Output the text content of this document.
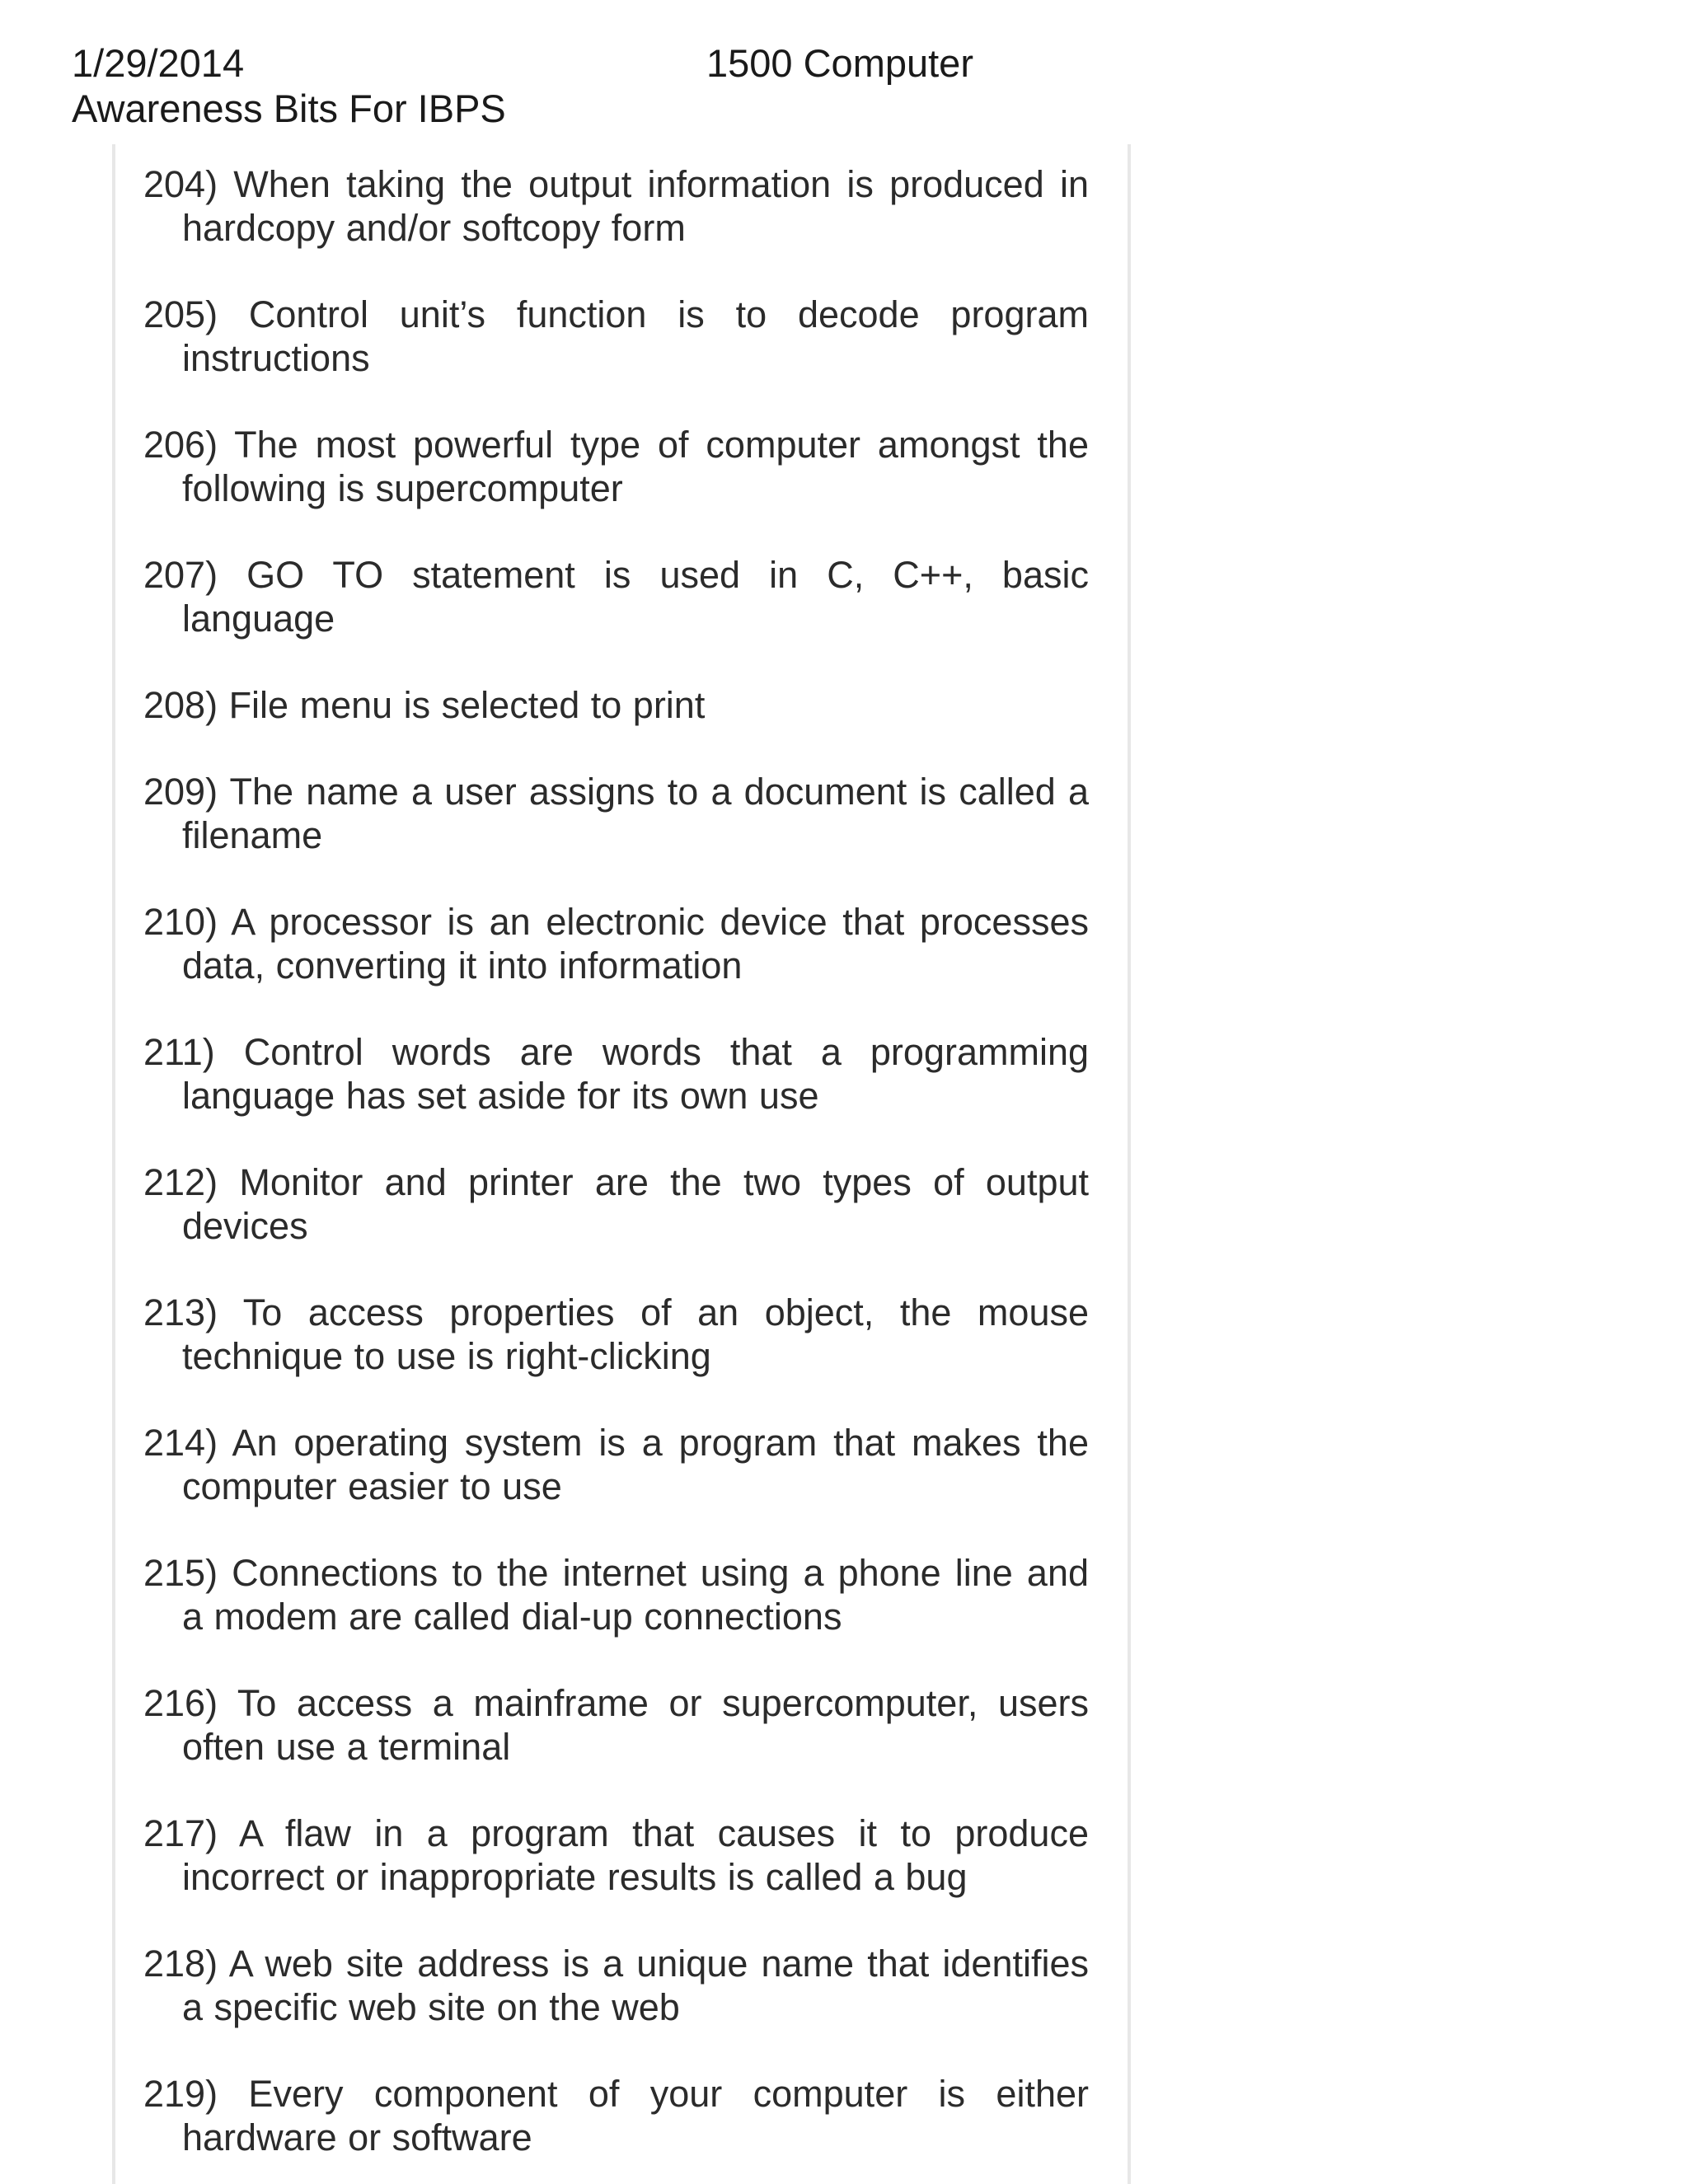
1/29/2014	1500 Computer
Awareness Bits For IBPS
204) When taking the output information is produced in hardcopy and/or softcopy form
205) Control unit’s function is to decode program instructions
206) The most powerful type of computer amongst the following is supercomputer
207) GO TO statement is used in C, C++, basic language
208) File menu is selected to print
209) The name a user assigns to a document is called a filename
210) A processor is an electronic device that processes data, converting it into information
211) Control words are words that a programming language has set aside for its own use
212) Monitor and printer are the two types of output devices
213) To access properties of an object, the mouse technique to use is right-clicking
214) An operating system is a program that makes the computer easier to use
215) Connections to the internet using a phone line and a modem are called dial-up connections
216) To access a mainframe or supercomputer, users often use a terminal
217) A flaw in a program that causes it to produce incorrect or inappropriate results is called a bug
218) A web site address is a unique name that identifies a specific web site on the web
219) Every component of your computer is either hardware or software
